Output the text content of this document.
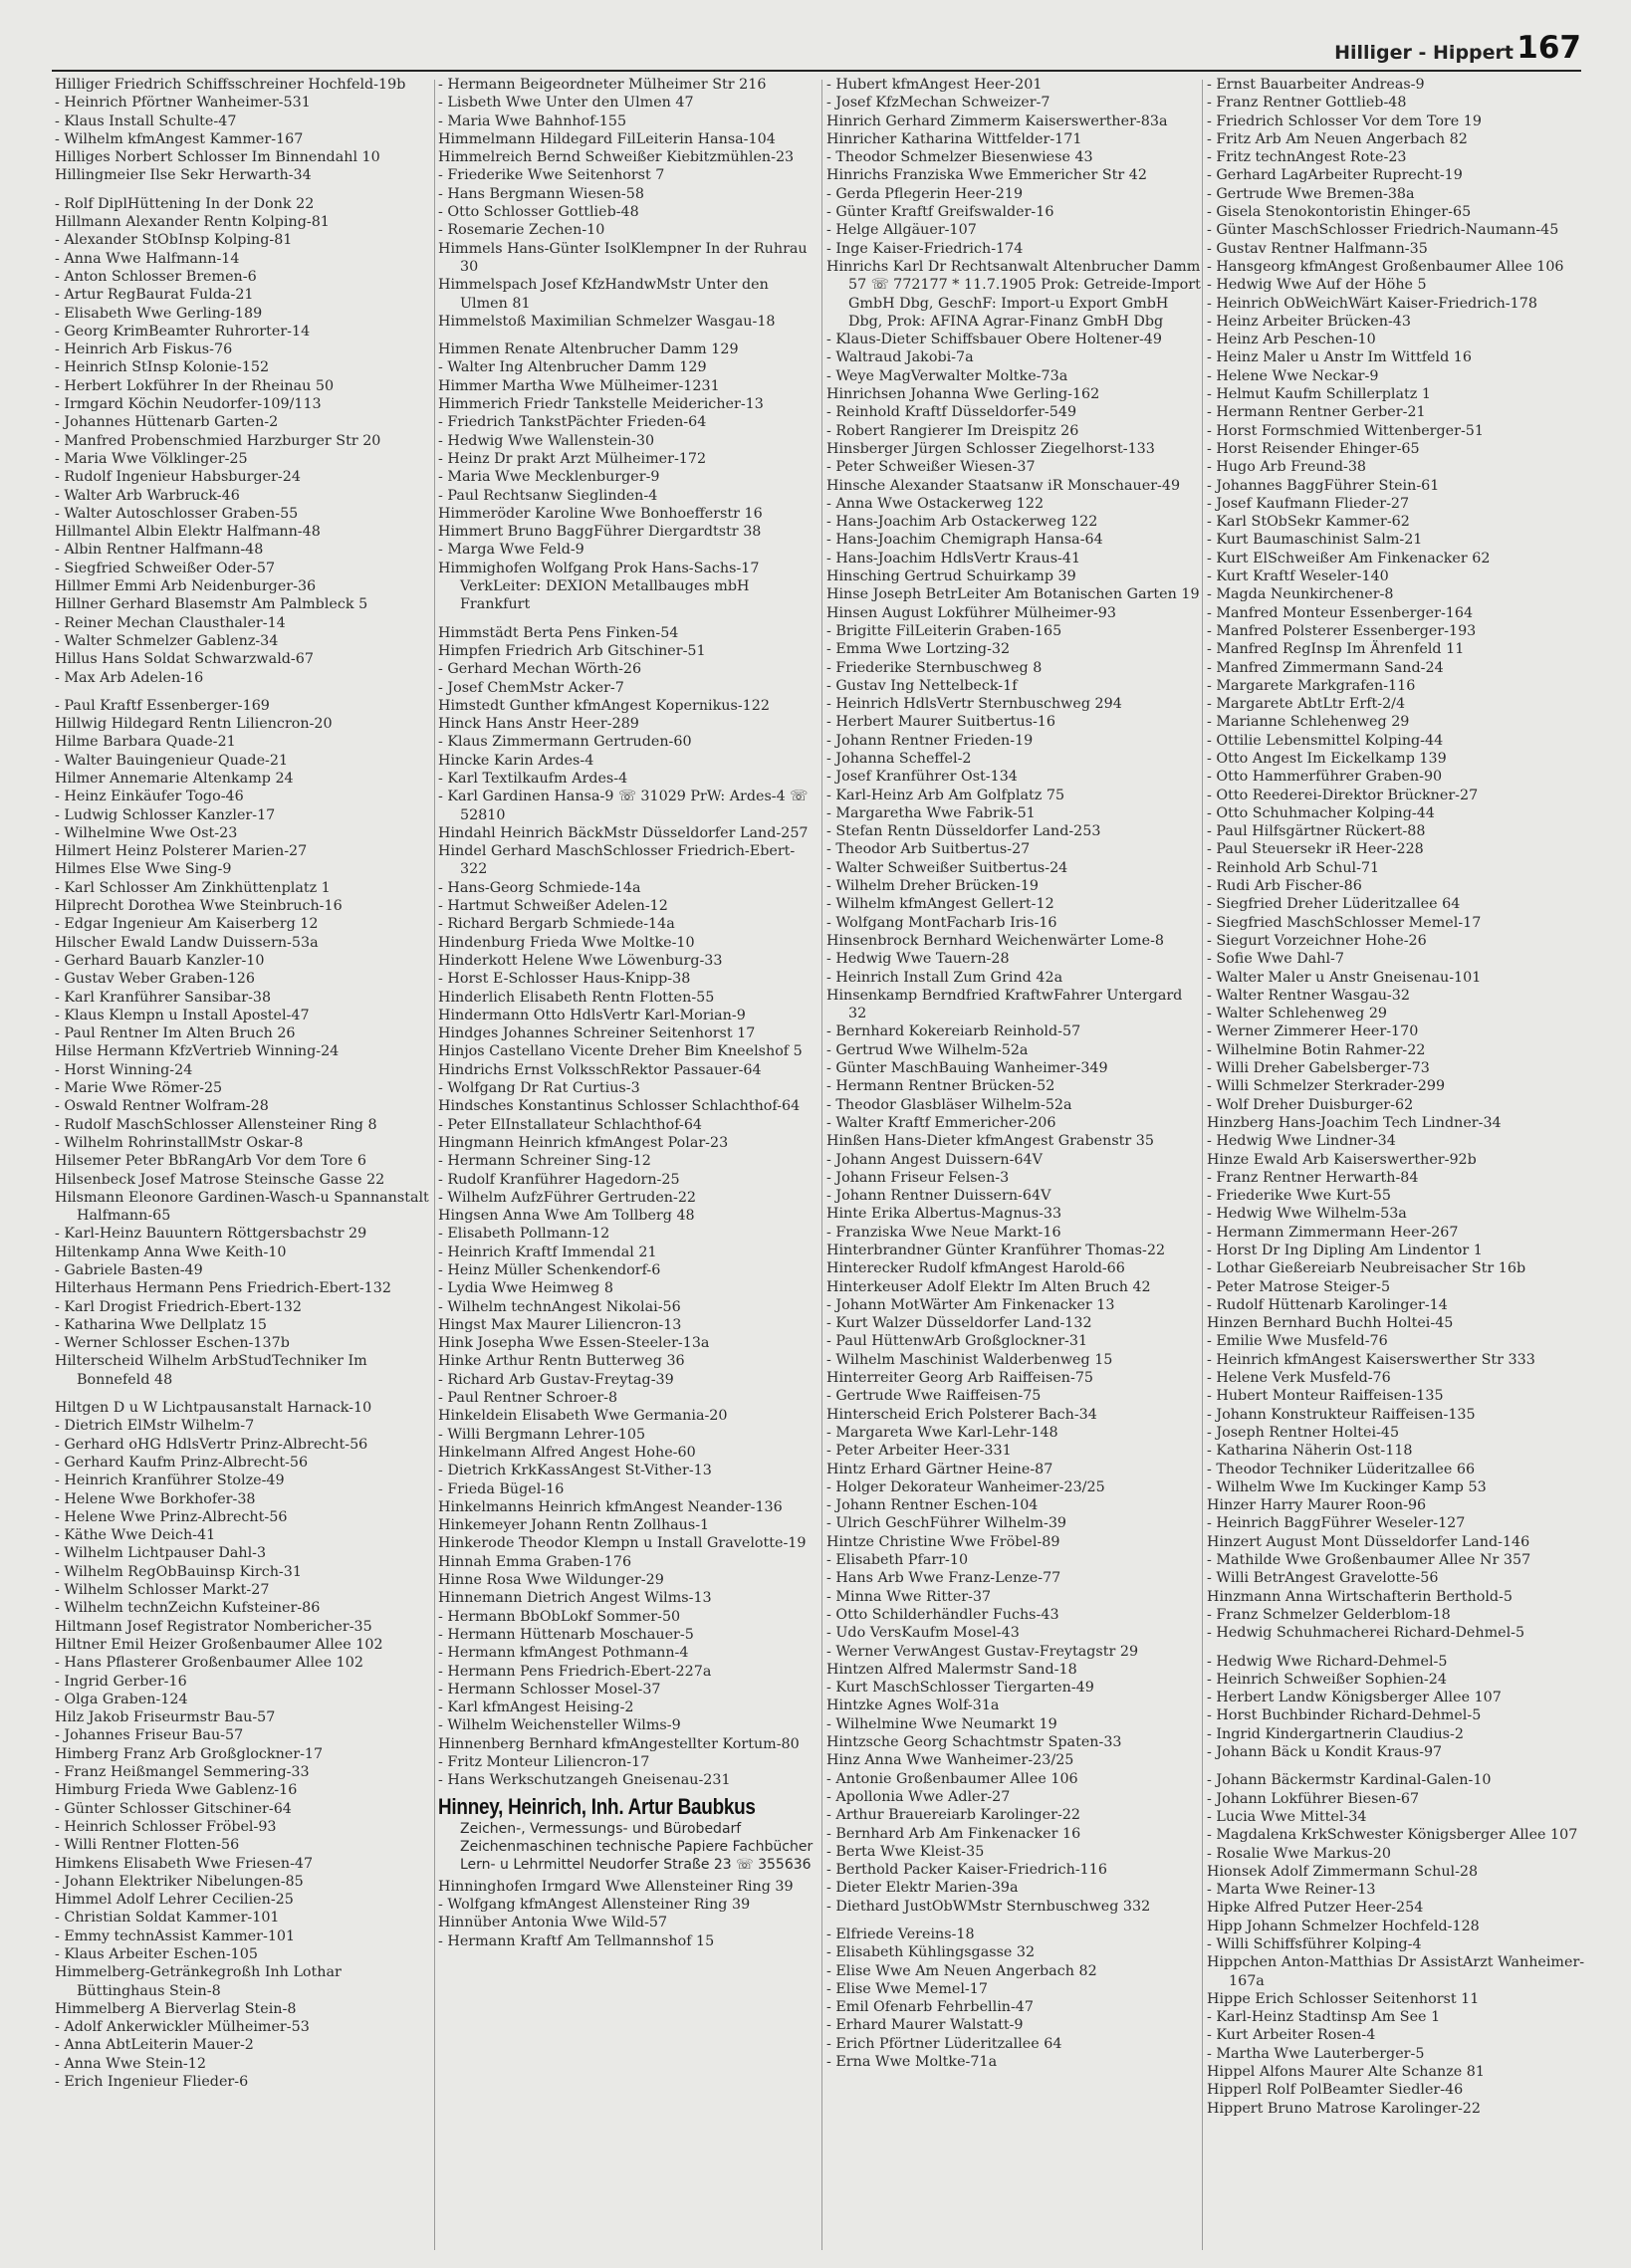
Hilliger - Hippert 167
Hilliger Friedrich Schiffsschreiner Hochfeld-19b
- Heinrich Pförtner Wanheimer-531
- Klaus Install Schulte-47
- Wilhelm kfmAngest Kammer-167
Hilliges Norbert Schlosser Im Binnendahl 10
Hillingmeier Ilse Sekr Herwarth-34
- Rolf DiplHüttening In der Donk 22
Hillmann Alexander Rentn Kolping-81
- Alexander StObInsp Kolping-81
- Anna Wwe Halfmann-14
- Anton Schlosser Bremen-6
- Artur RegBaurat Fulda-21
- Elisabeth Wwe Gerling-189
- Georg KrimBeamter Ruhrorter-14
- Heinrich Arb Fiskus-76
- Heinrich StInsp Kolonie-152
- Herbert Lokführer In der Rheinau 50
- Irmgard Köchin Neudorfer-109/113
- Johannes Hüttenarb Garten-2
- Manfred Probenschmied Harzburger Str 20
- Maria Wwe Völklinger-25
- Rudolf Ingenieur Habsburger-24
- Walter Arb Warbruck-46
- Walter Autoschlosser Graben-55
Hillmantel Albin Elektr Halfmann-48
- Albin Rentner Halfmann-48
- Siegfried Schweißer Oder-57
Hillmer Emmi Arb Neidenburger-36
Hillner Gerhard Blasemstr Am Palmbleck 5
- Reiner Mechan Clausthaler-14
- Walter Schmelzer Gablenz-34
Hillus Hans Soldat Schwarzwald-67
- Max Arb Adelen-16
- Paul Kraftf Essenberger-169
Hillwig Hildegard Rentn Liliencron-20
Hilme Barbara Quade-21
- Walter Bauingenieur Quade-21
Hilmer Annemarie Altenkamp 24
- Heinz Einkäufer Togo-46
- Ludwig Schlosser Kanzler-17
- Wilhelmine Wwe Ost-23
Hilmert Heinz Polsterer Marien-27
Hilmes Else Wwe Sing-9
- Karl Schlosser Am Zinkhüttenplatz 1
Hilprecht Dorothea Wwe Steinbruch-16
- Edgar Ingenieur Am Kaiserberg 12
Hilscher Ewald Landw Duissern-53a
- Gerhard Bauarb Kanzler-10
- Gustav Weber Graben-126
- Karl Kranführer Sansibar-38
- Klaus Klempn u Install Apostel-47
- Paul Rentner Im Alten Bruch 26
Hilse Hermann KfzVertrieb Winning-24
- Horst Winning-24
- Marie Wwe Römer-25
- Oswald Rentner Wolfram-28
- Rudolf MaschSchlosser Allensteiner Ring 8
- Wilhelm RohrinstallMstr Oskar-8
Hilsemer Peter BbRangArb Vor dem Tore 6
Hilsenbeck Josef Matrose Steinsche Gasse 22
Hilsmann Eleonore Gardinen-Wasch-u Spannanstalt Halfmann-65
- Karl-Heinz Bauuntern Röttgersbachstr 29
Hiltenkamp Anna Wwe Keith-10
- Gabriele Basten-49
Hilterhaus Hermann Pens Friedrich-Ebert-132
- Karl Drogist Friedrich-Ebert-132
- Katharina Wwe Dellplatz 15
- Werner Schlosser Eschen-137b
Hilterscheid Wilhelm ArbStudTechniker Im Bonnefeld 48
Hiltgen D u W Lichtpausanstalt Harnack-10
- Dietrich ElMstr Wilhelm-7
- Gerhard oHG HdlsVertr Prinz-Albrecht-56
- Gerhard Kaufm Prinz-Albrecht-56
- Heinrich Kranführer Stolze-49
- Helene Wwe Borkhofer-38
- Helene Wwe Prinz-Albrecht-56
- Käthe Wwe Deich-41
- Wilhelm Lichtpauser Dahl-3
- Wilhelm RegObBauinsp Kirch-31
- Wilhelm Schlosser Markt-27
- Wilhelm technZeichn Kufsteiner-86
Hiltmann Josef Registrator Nombericher-35
Hiltner Emil Heizer Großenbaumer Allee 102
- Hans Pflasterer Großenbaumer Allee 102
- Ingrid Gerber-16
- Olga Graben-124
Hilz Jakob Friseurmstr Bau-57
- Johannes Friseur Bau-57
Himberg Franz Arb Großglockner-17
- Franz Heißmangel Semmering-33
Himburg Frieda Wwe Gablenz-16
- Günter Schlosser Gitschiner-64
- Heinrich Schlosser Fröbel-93
- Willi Rentner Flotten-56
Himkens Elisabeth Wwe Friesen-47
- Johann Elektriker Nibelungen-85
Himmel Adolf Lehrer Cecilien-25
- Christian Soldat Kammer-101
- Emmy technAssist Kammer-101
- Klaus Arbeiter Eschen-105
Himmelberg-Getränkegroßh Inh Lothar Büttinghaus Stein-8
Himmelberg A Bierverlag Stein-8
- Adolf Ankerwickler Mülheimer-53
- Anna AbtLeiterin Mauer-2
- Anna Wwe Stein-12
- Erich Ingenieur Flieder-6
- Hermann Beigeordneter Mülheimer Str 216
- Lisbeth Wwe Unter den Ulmen 47
- Maria Wwe Bahnhof-155
Himmelmann Hildegard FilLeiterin Hansa-104
Himmelreich Bernd Schweißer Kiebitzmühlen-23
- Friederike Wwe Seitenhorst 7
- Hans Bergmann Wiesen-58
- Otto Schlosser Gottlieb-48
- Rosemarie Zechen-10
Himmels Hans-Günter IsolKlempner In der Ruhrau 30
Himmelspach Josef KfzHandwMstr Unter den Ulmen 81
Himmelstoß Maximilian Schmelzer Wasgau-18
Himmen Renate Altenbrucher Damm 129
- Walter Ing Altenbrucher Damm 129
Himmer Martha Wwe Mülheimer-1231
Himmerich Friedr Tankstelle Meidericher-13
- Friedrich TankstPächter Frieden-64
- Hedwig Wwe Wallenstein-30
- Heinz Dr prakt Arzt Mülheimer-172
- Maria Wwe Mecklenburger-9
- Paul Rechtsanw Sieglinden-4
Himmeröder Karoline Wwe Bonhoefferstr 16
Himmert Bruno BaggFührer Diergardtstr 38
- Marga Wwe Feld-9
Himmighofen Wolfgang Prok Hans-Sachs-17 VerkLeiter: DEXION Metallbauges mbH Frankfurt
Himmstädt Berta Pens Finken-54
Himpfen Friedrich Arb Gitschiner-51
- Gerhard Mechan Wörth-26
- Josef ChemMstr Acker-7
Himstedt Gunther kfmAngest Kopernikus-122
Hinck Hans Anstr Heer-289
- Klaus Zimmermann Gertruden-60
Hincke Karin Ardes-4
- Karl Textilkaufm Ardes-4
- Karl Gardinen Hansa-9 ☏ 31029 PrW: Ardes-4 ☏ 52810
Hindahl Heinrich BäckMstr Düsseldorfer Land-257
Hindel Gerhard MaschSchlosser Friedrich-Ebert-322
- Hans-Georg Schmiede-14a
- Hartmut Schweißer Adelen-12
- Richard Bergarb Schmiede-14a
Hindenburg Frieda Wwe Moltke-10
Hinderkott Helene Wwe Löwenburg-33
- Horst E-Schlosser Haus-Knipp-38
Hinderlich Elisabeth Rentn Flotten-55
Hindermann Otto HdlsVertr Karl-Morian-9
Hindges Johannes Schreiner Seitenhorst 17
Hinjos Castellano Vicente Dreher Bim Kneelshof 5
Hindrichs Ernst VolksschRektor Passauer-64
- Wolfgang Dr Rat Curtius-3
Hindsches Konstantinus Schlosser Schlachthof-64
- Peter ElInstallateur Schlachthof-64
Hingmann Heinrich kfmAngest Polar-23
- Hermann Schreiner Sing-12
- Rudolf Kranführer Hagedorn-25
- Wilhelm AufzFührer Gertruden-22
Hingsen Anna Wwe Am Tollberg 48
- Elisabeth Pollmann-12
- Heinrich Kraftf Immendal 21
- Heinz Müller Schenkendorf-6
- Lydia Wwe Heimweg 8
- Wilhelm technAngest Nikolai-56
Hingst Max Maurer Liliencron-13
Hink Josepha Wwe Essen-Steeler-13a
Hinke Arthur Rentn Butterweg 36
- Richard Arb Gustav-Freytag-39
- Paul Rentner Schroer-8
Hinkeldein Elisabeth Wwe Germania-20
- Willi Bergmann Lehrer-105
Hinkelmann Alfred Angest Hohe-60
- Dietrich KrkKassAngest St-Vither-13
- Frieda Bügel-16
Hinkelmanns Heinrich kfmAngest Neander-136
Hinkemeyer Johann Rentn Zollhaus-1
Hinkerode Theodor Klempn u Install Gravelotte-19
Hinnah Emma Graben-176
Hinne Rosa Wwe Wildunger-29
Hinnemann Dietrich Angest Wilms-13
- Hermann BbObLokf Sommer-50
- Hermann Hüttenarb Moschauer-5
- Hermann kfmAngest Pothmann-4
- Hermann Pens Friedrich-Ebert-227a
- Hermann Schlosser Mosel-37
- Karl kfmAngest Heising-2
- Wilhelm Weichensteller Wilms-9
Hinnenberg Bernhard kfmAngestellter Kortum-80
- Fritz Monteur Liliencron-17
- Hans Werkschutzangeh Gneisenau-231
Hinney, Heinrich, Inh. Artur Baubkus
Zeichen-, Vermessungs- und Bürobedarf Zeichenmaschinen technische Papiere Fachbücher Lern- u Lehrmittel Neudorfer Straße 23 ☏ 355636
Hinninghofen Irmgard Wwe Allensteiner Ring 39
- Wolfgang kfmAngest Allensteiner Ring 39
Hinnüber Antonia Wwe Wild-57
- Hermann Kraftf Am Tellmannshof 15
- Hubert kfmAngest Heer-201
- Josef KfzMechan Schweizer-7
Hinrich Gerhard Zimmerm Kaiserswerther-83a
Hinricher Katharina Wittfelder-171
- Theodor Schmelzer Biesenwiese 43
Hinrichs Franziska Wwe Emmericher Str 42
- Gerda Pflegerin Heer-219
- Günter Kraftf Greifswalder-16
- Helge Allgäuer-107
- Inge Kaiser-Friedrich-174
Hinrichs Karl Dr Rechtsanwalt Altenbrucher Damm 57 ☏ 772177 * 11.7.1905 Prok: Getreide-Import GmbH Dbg, GeschF: Import-u Export GmbH Dbg, Prok: AFINA Agrar-Finanz GmbH Dbg
- Klaus-Dieter Schiffsbauer Obere Holtener-49
- Waltraud Jakobi-7a
- Weye MagVerwalter Moltke-73a
Hinrichsen Johanna Wwe Gerling-162
- Reinhold Kraftf Düsseldorfer-549
- Robert Rangierer Im Dreispitz 26
Hinsberger Jürgen Schlosser Ziegelhorst-133
- Peter Schweißer Wiesen-37
Hinsche Alexander Staatsanw iR Monschauer-49
- Anna Wwe Ostackerweg 122
- Hans-Joachim Arb Ostackerweg 122
- Hans-Joachim Chemigraph Hansa-64
- Hans-Joachim HdlsVertr Kraus-41
Hinsching Gertrud Schuirkamp 39
Hinse Joseph BetrLeiter Am Botanischen Garten 19
Hinsen August Lokführer Mülheimer-93
- Brigitte FilLeiterin Graben-165
- Emma Wwe Lortzing-32
- Friederike Sternbuschweg 8
- Gustav Ing Nettelbeck-1f
- Heinrich HdlsVertr Sternbuschweg 294
- Herbert Maurer Suitbertus-16
- Johann Rentner Frieden-19
- Johanna Scheffel-2
- Josef Kranführer Ost-134
- Karl-Heinz Arb Am Golfplatz 75
- Margaretha Wwe Fabrik-51
- Stefan Rentn Düsseldorfer Land-253
- Theodor Arb Suitbertus-27
- Walter Schweißer Suitbertus-24
- Wilhelm Dreher Brücken-19
- Wilhelm kfmAngest Gellert-12
- Wolfgang MontFacharb Iris-16
Hinsenbrock Bernhard Weichenwärter Lome-8
- Hedwig Wwe Tauern-28
- Heinrich Install Zum Grind 42a
Hinsenkamp Berndfried KraftwFahrer Untergard 32
- Bernhard Kokereiarb Reinhold-57
- Gertrud Wwe Wilhelm-52a
- Günter MaschBauing Wanheimer-349
- Hermann Rentner Brücken-52
- Theodor Glasbläser Wilhelm-52a
- Walter Kraftf Emmericher-206
Hinßen Hans-Dieter kfmAngest Grabenstr 35
- Johann Angest Duissern-64V
- Johann Friseur Felsen-3
- Johann Rentner Duissern-64V
Hinte Erika Albertus-Magnus-33
- Franziska Wwe Neue Markt-16
Hinterbrandner Günter Kranführer Thomas-22
Hinterecker Rudolf kfmAngest Harold-66
Hinterkeuser Adolf Elektr Im Alten Bruch 42
- Johann MotWärter Am Finkenacker 13
- Kurt Walzer Düsseldorfer Land-132
- Paul HüttenwArb Großglockner-31
- Wilhelm Maschinist Walderbenweg 15
Hinterreiter Georg Arb Raiffeisen-75
- Gertrude Wwe Raiffeisen-75
Hinterscheid Erich Polsterer Bach-34
- Margareta Wwe Karl-Lehr-148
- Peter Arbeiter Heer-331
Hintz Erhard Gärtner Heine-87
- Holger Dekorateur Wanheimer-23/25
- Johann Rentner Eschen-104
- Ulrich GeschFührer Wilhelm-39
Hintze Christine Wwe Fröbel-89
- Elisabeth Pfarr-10
- Hans Arb Wwe Franz-Lenze-77
- Minna Wwe Ritter-37
- Otto Schilderhändler Fuchs-43
- Udo VersKaufm Mosel-43
- Werner VerwAngest Gustav-Freytagstr 29
Hintzen Alfred Malermstr Sand-18
- Kurt MaschSchlosser Tiergarten-49
Hintzke Agnes Wolf-31a
- Wilhelmine Wwe Neumarkt 19
Hintzsche Georg Schachtmstr Spaten-33
Hinz Anna Wwe Wanheimer-23/25
- Antonie Großenbaumer Allee 106
- Apollonia Wwe Adler-27
- Arthur Brauereiarb Karolinger-22
- Bernhard Arb Am Finkenacker 16
- Berta Wwe Kleist-35
- Berthold Packer Kaiser-Friedrich-116
- Dieter Elektr Marien-39a
- Diethard JustObWMstr Sternbuschweg 332
- Elfriede Vereins-18
- Elisabeth Kühlingsgasse 32
- Elise Wwe Am Neuen Angerbach 82
- Elise Wwe Memel-17
- Emil Ofenarb Fehrbellin-47
- Erhard Maurer Walstatt-9
- Erich Pförtner Lüderitzallee 64
- Erna Wwe Moltke-71a
- Ernst Bauarbeiter Andreas-9
- Franz Rentner Gottlieb-48
- Friedrich Schlosser Vor dem Tore 19
- Fritz Arb Am Neuen Angerbach 82
- Fritz technAngest Rote-23
- Gerhard LagArbeiter Ruprecht-19
- Gertrude Wwe Bremen-38a
- Gisela Stenokontoristin Ehinger-65
- Günter MaschSchlosser Friedrich-Naumann-45
- Gustav Rentner Halfmann-35
- Hansgeorg kfmAngest Großenbaumer Allee 106
- Hedwig Wwe Auf der Höhe 5
- Heinrich ObWeichWärt Kaiser-Friedrich-178
- Heinz Arbeiter Brücken-43
- Heinz Arb Peschen-10
- Heinz Maler u Anstr Im Wittfeld 16
- Helene Wwe Neckar-9
- Helmut Kaufm Schillerplatz 1
- Hermann Rentner Gerber-21
- Horst Formschmied Wittenberger-51
- Horst Reisender Ehinger-65
- Hugo Arb Freund-38
- Johannes BaggFührer Stein-61
- Josef Kaufmann Flieder-27
- Karl StObSekr Kammer-62
- Kurt Baumaschinist Salm-21
- Kurt ElSchweißer Am Finkenacker 62
- Kurt Kraftf Weseler-140
- Magda Neunkirchener-8
- Manfred Monteur Essenberger-164
- Manfred Polsterer Essenberger-193
- Manfred RegInsp Im Ährenfeld 11
- Manfred Zimmermann Sand-24
- Margarete Markgrafen-116
- Margarete AbtLtr Erft-2/4
- Marianne Schlehenweg 29
- Ottilie Lebensmittel Kolping-44
- Otto Angest Im Eickelkamp 139
- Otto Hammerführer Graben-90
- Otto Reederei-Direktor Brückner-27
- Otto Schuhmacher Kolping-44
- Paul Hilfsgärtner Rückert-88
- Paul Steuersekr iR Heer-228
- Reinhold Arb Schul-71
- Rudi Arb Fischer-86
- Siegfried Dreher Lüderitzallee 64
- Siegfried MaschSchlosser Memel-17
- Siegurt Vorzeichner Hohe-26
- Sofie Wwe Dahl-7
- Walter Maler u Anstr Gneisenau-101
- Walter Rentner Wasgau-32
- Walter Schlehenweg 29
- Werner Zimmerer Heer-170
- Wilhelmine Botin Rahmer-22
- Willi Dreher Gabelsberger-73
- Willi Schmelzer Sterkrader-299
- Wolf Dreher Duisburger-62
Hinzberg Hans-Joachim Tech Lindner-34
- Hedwig Wwe Lindner-34
Hinze Ewald Arb Kaiserswerther-92b
- Franz Rentner Herwarth-84
- Friederike Wwe Kurt-55
- Hedwig Wwe Wilhelm-53a
- Hermann Zimmermann Heer-267
- Horst Dr Ing Dipling Am Lindentor 1
- Lothar Gießereiarb Neubreisacher Str 16b
- Peter Matrose Steiger-5
- Rudolf Hüttenarb Karolinger-14
Hinzen Bernhard Buchh Holtei-45
- Emilie Wwe Musfeld-76
- Heinrich kfmAngest Kaiserswerther Str 333
- Helene Verk Musfeld-76
- Hubert Monteur Raiffeisen-135
- Johann Konstrukteur Raiffeisen-135
- Joseph Rentner Holtei-45
- Katharina Näherin Ost-118
- Theodor Techniker Lüderitzallee 66
- Wilhelm Wwe Im Kuckinger Kamp 53
Hinzer Harry Maurer Roon-96
- Heinrich BaggFührer Weseler-127
Hinzert August Mont Düsseldorfer Land-146
- Mathilde Wwe Großenbaumer Allee Nr 357
- Willi BetrAngest Gravelotte-56
Hinzmann Anna Wirtschafterin Berthold-5
- Franz Schmelzer Gelderblom-18
- Hedwig Schuhmacherei Richard-Dehmel-5
- Hedwig Wwe Richard-Dehmel-5
- Heinrich Schweißer Sophien-24
- Herbert Landw Königsberger Allee 107
- Horst Buchbinder Richard-Dehmel-5
- Ingrid Kindergartnerin Claudius-2
- Johann Bäck u Kondit Kraus-97
- Johann Bäckermstr Kardinal-Galen-10
- Johann Lokführer Biesen-67
- Lucia Wwe Mittel-34
- Magdalena KrkSchwester Königsberger Allee 107
- Rosalie Wwe Markus-20
Hionsek Adolf Zimmermann Schul-28
- Marta Wwe Reiner-13
Hipke Alfred Putzer Heer-254
Hipp Johann Schmelzer Hochfeld-128
- Willi Schiffsführer Kolping-4
Hippchen Anton-Matthias Dr AssistArzt Wanheimer-167a
Hippe Erich Schlosser Seitenhorst 11
- Karl-Heinz Stadtinsp Am See 1
- Kurt Arbeiter Rosen-4
- Martha Wwe Lauterberger-5
Hippel Alfons Maurer Alte Schanze 81
Hipperl Rolf PolBeamter Siedler-46
Hippert Bruno Matrose Karolinger-22
